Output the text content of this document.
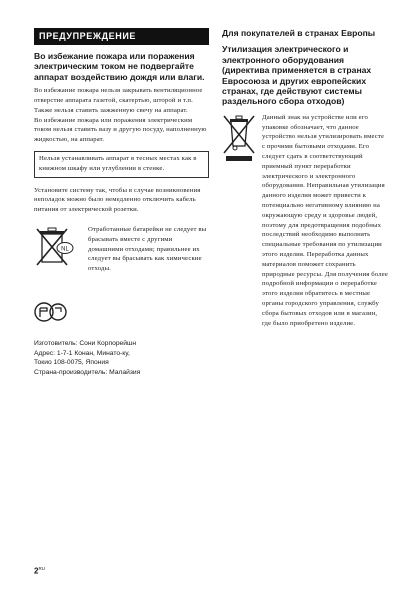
ПРЕДУПРЕЖДЕНИЕ

Во избежание пожара или поражения электрическим током не подвергайте аппарат воздействию дождя или влаги.

Во избежание пожара нельзя закрывать вентиляционное отверстие аппарата газетой, скатертью, шторой и т.п. Также нельзя ставить зажженную свечу на аппарат.

Во избежание пожара или поражения электрическим током нельзя ставить вазу и другую посуду, наполненную жидкостью, на аппарат.

Нельзя устанавливать аппарат в тесных местах как в книжном шкафу или углублении в стенке.

Установите систему так, чтобы в случае возникновения неполадок можно было немедленно отключить кабель питания от электрической розетки.

NL

Отработанные батарейки не следует вы брасывать вместе с другими домашними отходами; правильнее их следует вы брасывать как химические отходы.

Изготовитель: Сони Корпорейшн
Адрес: 1-7-1 Конан, Минато-ку,
Токио 108-0075, Япония
Страна-производитель: Малайзия

Для покупателей в странах Европы

Утилизация электрического и электронного оборудования (директива применяется в странах Евросоюза и других европейских странах, где действуют системы раздельного сбора отходов)

Данный знак на устройстве или его упаковке обозначает, что данное устройство нельзя утилизировать вместе с прочими бытовыми отходами. Его следует сдать в соответствующий приемный пункт переработки электрического и электронного оборудования. Неправильная утилизация данного изделия может привести к потенциально негативному влиянию на окружающую среду и здоровье людей, поэтому для предотвращения подобных последствий необходимо выполнять специальные требования по утилизации этого изделия. Переработка данных материалов поможет сохранить природные ресурсы. Для получения более подробной информации о переработке этого изделия обратитесь в местные органы городского управления, службу сбора бытовых отходов или в магазин, где было приобретено изделие.

$2^{RU}$
